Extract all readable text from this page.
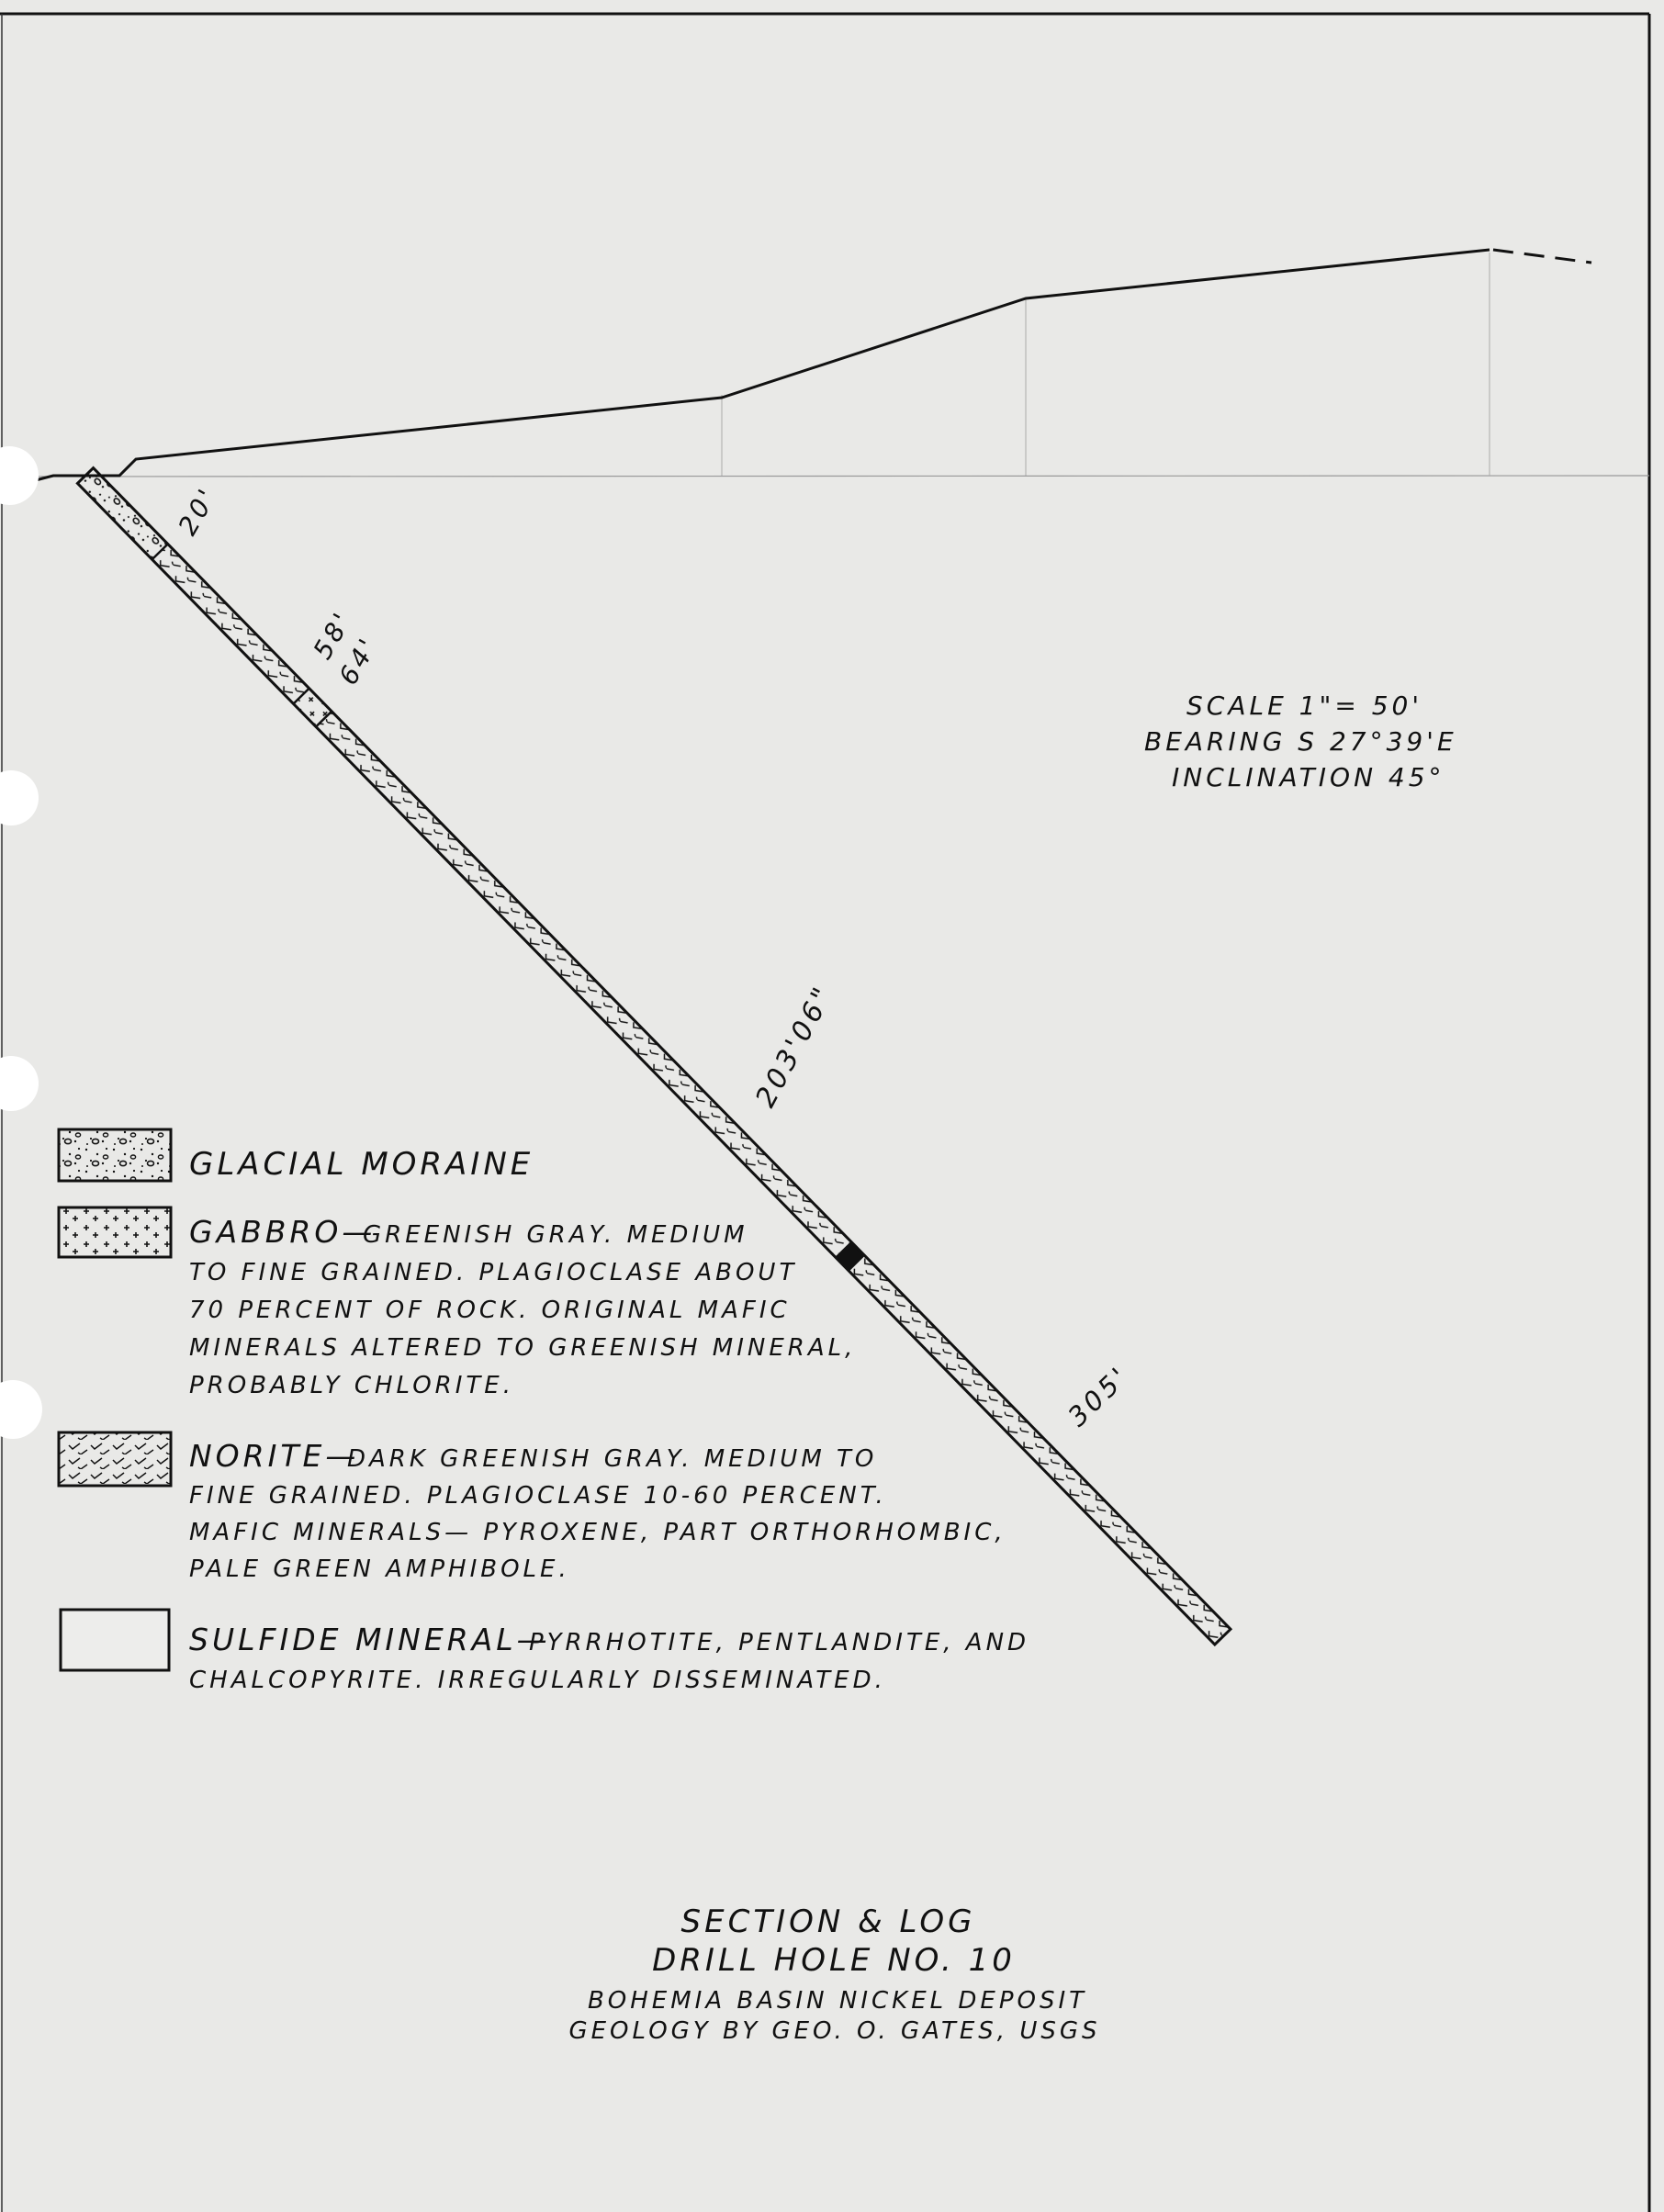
20'
58'
64'
203'06"
305'
SCALE 1"= 50'
BEARING S 27°39'E
INCLINATION 45°
GLACIAL MORAINE
GABBRO—
GREENISH GRAY. MEDIUM
TO FINE GRAINED. PLAGIOCLASE ABOUT
70 PERCENT OF ROCK. ORIGINAL MAFIC
MINERALS ALTERED TO GREENISH MINERAL,
PROBABLY CHLORITE.
NORITE—
DARK GREENISH GRAY. MEDIUM TO
FINE GRAINED. PLAGIOCLASE 10-60 PERCENT.
MAFIC MINERALS— PYROXENE, PART ORTHORHOMBIC,
PALE GREEN AMPHIBOLE.
SULFIDE MINERAL—
PYRRHOTITE, PENTLANDITE, AND
CHALCOPYRITE. IRREGULARLY DISSEMINATED.
SECTION & LOG
DRILL HOLE NO. 10
BOHEMIA BASIN NICKEL DEPOSIT
GEOLOGY BY GEO. O. GATES, USGS
